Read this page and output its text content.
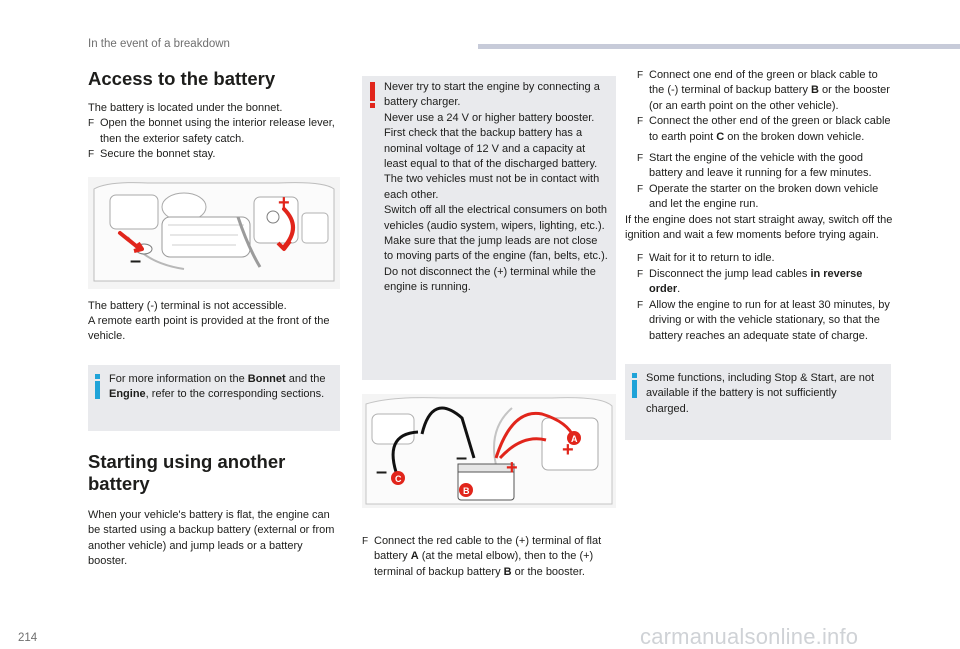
In the event of a breakdown
Access to the battery

The battery is located under the bonnet.

F Open the bonnet using the interior release lever, then the exterior safety catch.
F Secure the bonnet stay.
–
+

The battery (-) terminal is not accessible.

A remote earth point is provided at the front of the vehicle.

For more information on the Bonnet and the Engine, refer to the corresponding sections.

Starting using another battery

When your vehicle's battery is flat, the engine can be started using a backup battery (external or from another vehicle) and jump leads or a battery booster.

Never try to start the engine by connecting a battery charger.

Never use a 24 V or higher battery booster.

First check that the backup battery has a nominal voltage of 12 V and a capacity at least equal to that of the discharged battery.

The two vehicles must not be in contact with each other.

Switch off all the electrical consumers on both vehicles (audio system, wipers, lighting, etc.).

Make sure that the jump leads are not close to moving parts of the engine (fan, belts, etc.).

Do not disconnect the (+) terminal while the engine is running.

A
B
C
–
–	+
+
F Connect the red cable to the (+) terminal of flat battery A (at the metal elbow), then to the (+) terminal of backup battery B or the booster.
F Connect one end of the green or black cable to the (-) terminal of backup battery B or the booster (or an earth point on the other vehicle).
F Connect the other end of the green or black cable to earth point C on the broken down vehicle.
F Start the engine of the vehicle with the good battery and leave it running for a few minutes.
F Operate the starter on the broken down vehicle and let the engine run.

If the engine does not start straight away, switch off the ignition and wait a few moments before trying again.

F Wait for it to return to idle.
F Disconnect the jump lead cables in reverse order.
F Allow the engine to run for at least 30 minutes, by driving or with the vehicle stationary, so that the battery reaches an adequate state of charge.

Some functions, including Stop & Start, are not available if the battery is not sufficiently charged.

214	carmanualsonline.info
